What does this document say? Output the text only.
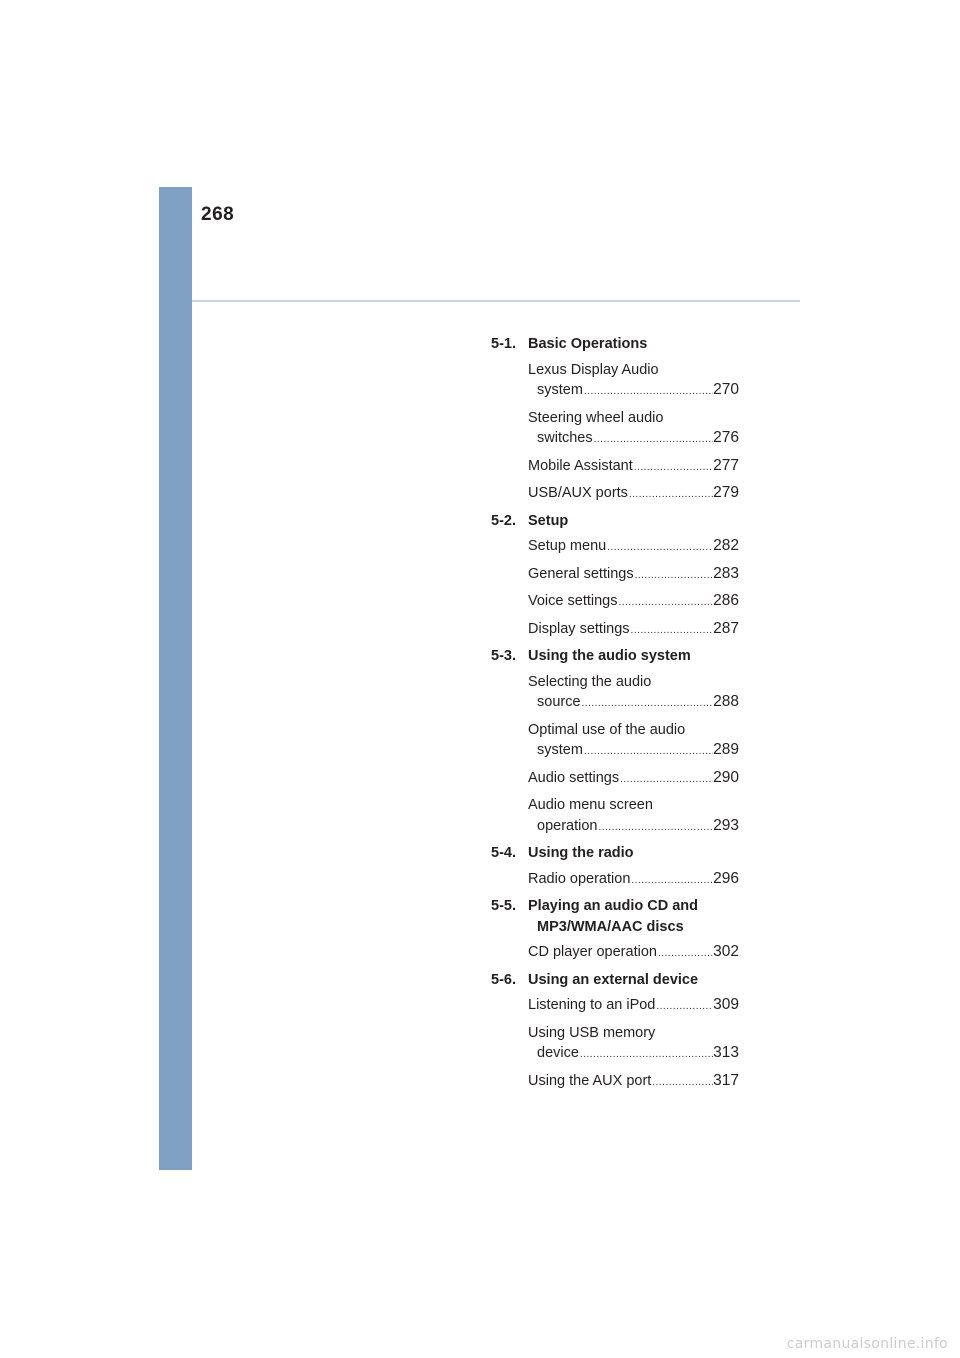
268
5-1. Basic Operations
Lexus Display Audio
system .....	270
Steering wheel audio
switches .....	276
Mobile Assistant .....	277
USB/AUX ports .....	279
5-2. Setup
Setup menu .....	282
General settings .....	283
Voice settings .....	286
Display settings .....	287
5-3. Using the audio system
Selecting the audio
source .....	288
Optimal use of the audio
system .....	289
Audio settings .....	290
Audio menu screen
operation .....	293
5-4. Using the radio
Radio operation .....	296
5-5. Playing an audio CD and
MP3/WMA/AAC discs
CD player operation .....	302
5-6. Using an external device
Listening to an iPod .....	309
Using USB memory
device .....	313
Using the AUX port .....	317
carmanualsonline.info
